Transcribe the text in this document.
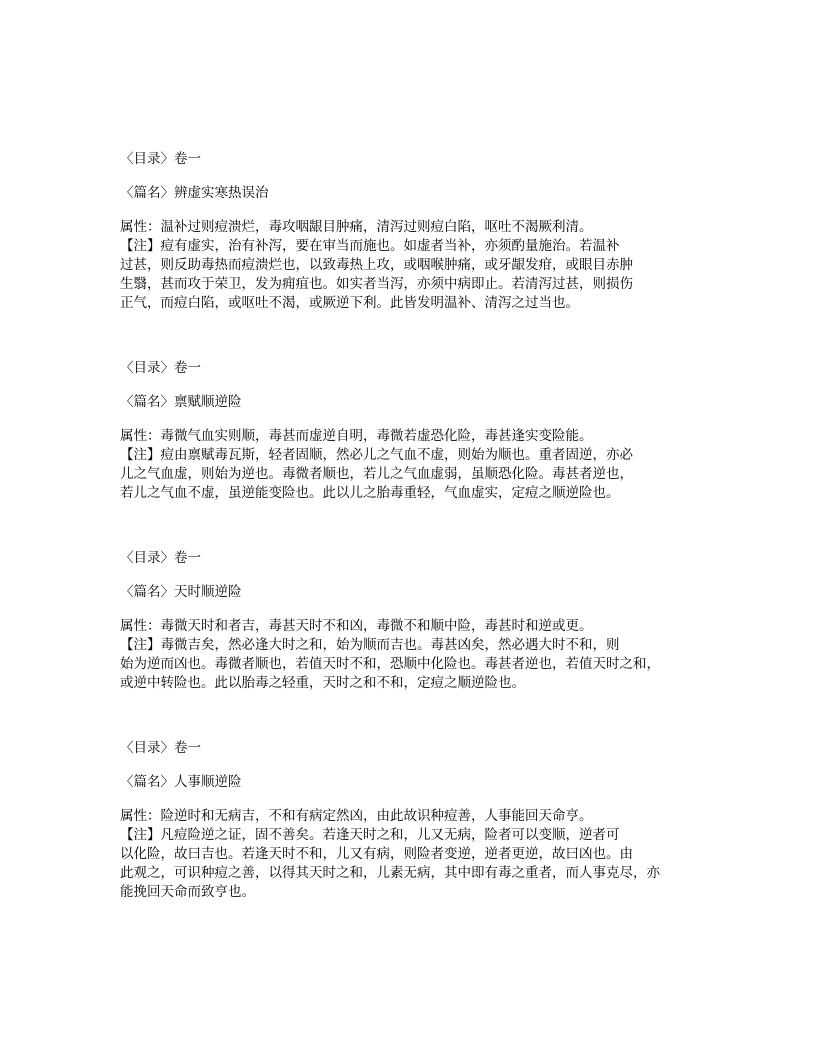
〈目录〉卷一
〈篇名〉辨虚实寒热误治
属性：温补过则痘溃烂，毒攻咽龈目肿痛，清泻过则痘白陷，呕吐不渴厥利清。
【注】痘有虚实，治有补泻，要在审当而施也。如虚者当补，亦须酌量施治。若温补
过甚，则反助毒热而痘溃烂也，以致毒热上攻，或咽喉肿痛，或牙龈发疳，或眼目赤肿
生翳，甚而攻于荣卫，发为痈疽也。如实者当泻，亦须中病即止。若清泻过甚，则损伤
正气，而痘白陷，或呕吐不渴，或厥逆下利。此皆发明温补、清泻之过当也。
〈目录〉卷一
〈篇名〉禀赋顺逆险
属性：毒微气血实则顺，毒甚而虚逆自明，毒微若虚恐化险，毒甚逢实变险能。
【注】痘由禀赋毒瓦斯，轻者固顺，然必儿之气血不虚，则始为顺也。重者固逆，亦必
儿之气血虚，则始为逆也。毒微者顺也，若儿之气血虚弱，虽顺恐化险。毒甚者逆也，
若儿之气血不虚，虽逆能变险也。此以儿之胎毒重轻，气血虚实，定痘之顺逆险也。
〈目录〉卷一
〈篇名〉天时顺逆险
属性：毒微天时和者吉，毒甚天时不和凶，毒微不和顺中险，毒甚时和逆或更。
【注】毒微吉矣，然必逢大时之和，始为顺而吉也。毒甚凶矣，然必遇大时不和，则
始为逆而凶也。毒微者顺也，若值天时不和，恐顺中化险也。毒甚者逆也，若值天时之和，
或逆中转险也。此以胎毒之轻重，天时之和不和，定痘之顺逆险也。
〈目录〉卷一
〈篇名〉人事顺逆险
属性：险逆时和无病吉，不和有病定然凶，由此故识种痘善，人事能回天命亨。
【注】凡痘险逆之证，固不善矣。若逢天时之和，儿又无病，险者可以变顺，逆者可
以化险，故曰吉也。若逢天时不和，儿又有病，则险者变逆，逆者更逆，故曰凶也。由
此观之，可识种痘之善，以得其天时之和，儿素无病，其中即有毒之重者，而人事克尽，亦
能挽回天命而致亨也。
